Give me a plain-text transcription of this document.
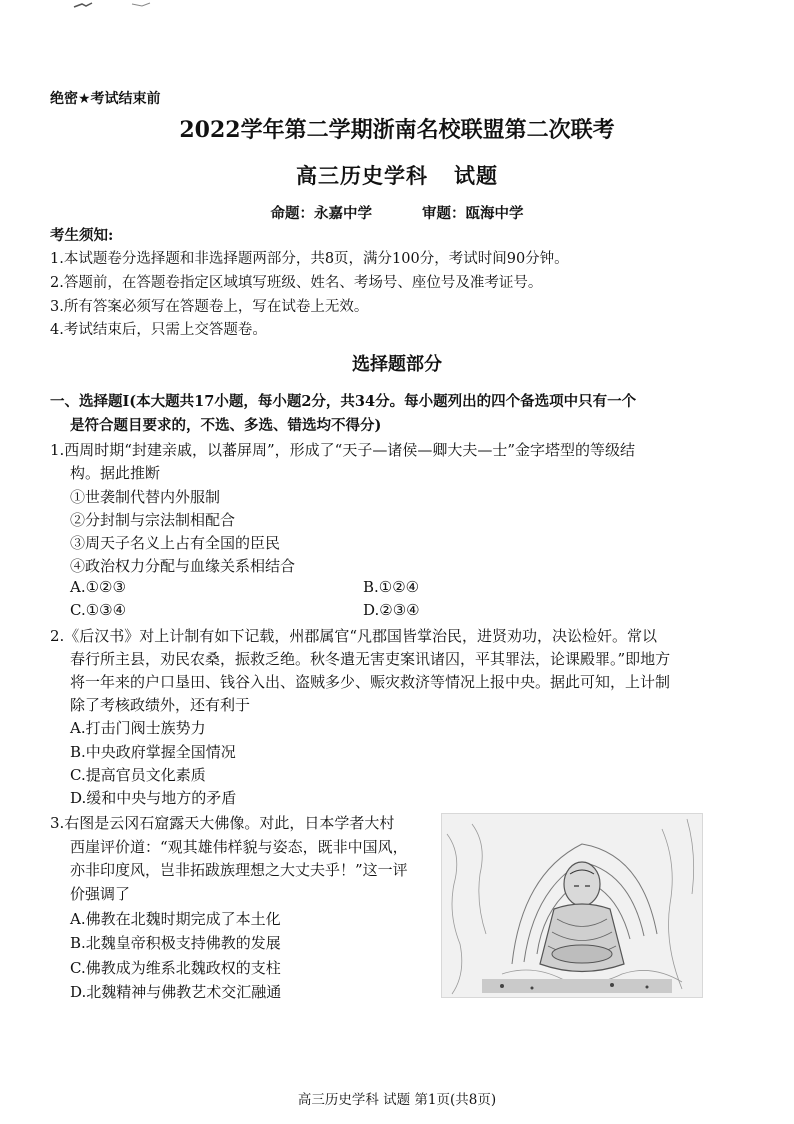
绝密★考试结束前
2022学年第二学期浙南名校联盟第二次联考
高三历史学科 试题
命题：永嘉中学	审题：瓯海中学
考生须知:
1.本试题卷分选择题和非选择题两部分，共8页，满分100分，考试时间90分钟。
2.答题前，在答题卷指定区域填写班级、姓名、考场号、座位号及准考证号。
3.所有答案必须写在答题卷上，写在试卷上无效。
4.考试结束后，只需上交答题卷。
选择题部分
一、选择题Ⅰ(本大题共17小题，每小题2分，共34分。每小题列出的四个备选项中只有一个
是符合题目要求的，不选、多选、错选均不得分)
1.西周时期“封建亲戚，以蕃屏周”，形成了“天子—诸侯—卿大夫—士”金字塔型的等级结
构。据此推断
①世袭制代替内外服制
②分封制与宗法制相配合
③周天子名义上占有全国的臣民
④政治权力分配与血缘关系相结合
A.①②③	B.①②④
C.①③④	D.②③④
2.《后汉书》对上计制有如下记载，州郡属官“凡郡国皆掌治民，进贤劝功，决讼检奸。常以
春行所主县，劝民农桑，振救乏绝。秋冬遣无害吏案讯诸囚，平其罪法，论课殿罪。”即地方
将一年来的户口垦田、钱谷入出、盗贼多少、赈灾救济等情况上报中央。据此可知，上计制
除了考核政绩外，还有利于
A.打击门阀士族势力
B.中央政府掌握全国情况
C.提高官员文化素质
D.缓和中央与地方的矛盾
3.右图是云冈石窟露天大佛像。对此，日本学者大村
西崖评价道：“观其雄伟样貌与姿态，既非中国风，
亦非印度风，岂非拓跋族理想之大丈夫乎！”这一评
价强调了
A.佛教在北魏时期完成了本土化
B.北魏皇帝积极支持佛教的发展
C.佛教成为维系北魏政权的支柱
D.北魏精神与佛教艺术交汇融通
高三历史学科 试题 第1页(共8页)
